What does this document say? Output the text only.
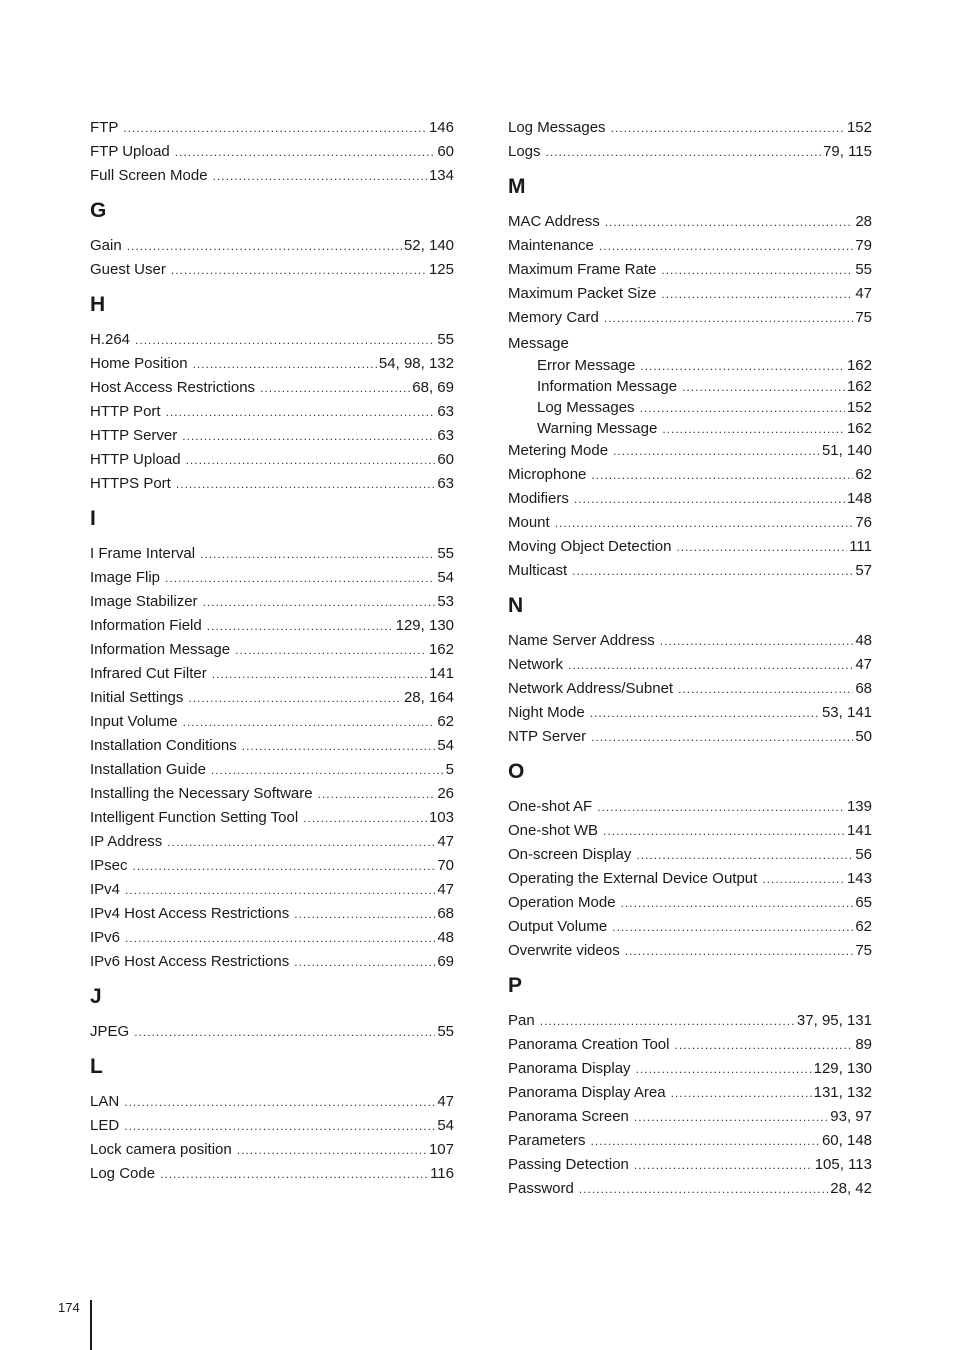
FTP .....	146
FTP Upload .....	60
Full Screen Mode .....	134
G
Gain .....	52, 140
Guest User .....	125
H
H.264 .....	55
Home Position .....	54, 98, 132
Host Access Restrictions .....	68, 69
HTTP Port .....	63
HTTP Server .....	63
HTTP Upload .....	60
HTTPS Port .....	63
I
I Frame Interval .....	55
Image Flip .....	54
Image Stabilizer .....	53
Information Field .....	129, 130
Information Message .....	162
Infrared Cut Filter .....	141
Initial Settings .....	28, 164
Input Volume .....	62
Installation Conditions .....	54
Installation Guide .....	5
Installing the Necessary Software .....	26
Intelligent Function Setting Tool .....	103
IP Address .....	47
IPsec .....	70
IPv4 .....	47
IPv4 Host Access Restrictions .....	68
IPv6 .....	48
IPv6 Host Access Restrictions .....	69
J
JPEG .....	55
L
LAN .....	47
LED .....	54
Lock camera position .....	107
Log Code .....	116
Log Messages .....	152
Logs .....	79, 115
M
MAC Address .....	28
Maintenance .....	79
Maximum Frame Rate .....	55
Maximum Packet Size .....	47
Memory Card .....	75
Message
Error Message .....	162
Information Message .....	162
Log Messages .....	152
Warning Message .....	162
Metering Mode .....	51, 140
Microphone .....	62
Modifiers .....	148
Mount .....	76
Moving Object Detection .....	111
Multicast .....	57
N
Name Server Address .....	48
Network .....	47
Network Address/Subnet .....	68
Night Mode .....	53, 141
NTP Server .....	50
O
One-shot AF .....	139
One-shot WB .....	141
On-screen Display .....	56
Operating the External Device Output .....	143
Operation Mode .....	65
Output Volume .....	62
Overwrite videos .....	75
P
Pan .....	37, 95, 131
Panorama Creation Tool .....	89
Panorama Display .....	129, 130
Panorama Display Area .....	131, 132
Panorama Screen .....	93, 97
Parameters .....	60, 148
Passing Detection .....	105, 113
Password .....	28, 42
174
